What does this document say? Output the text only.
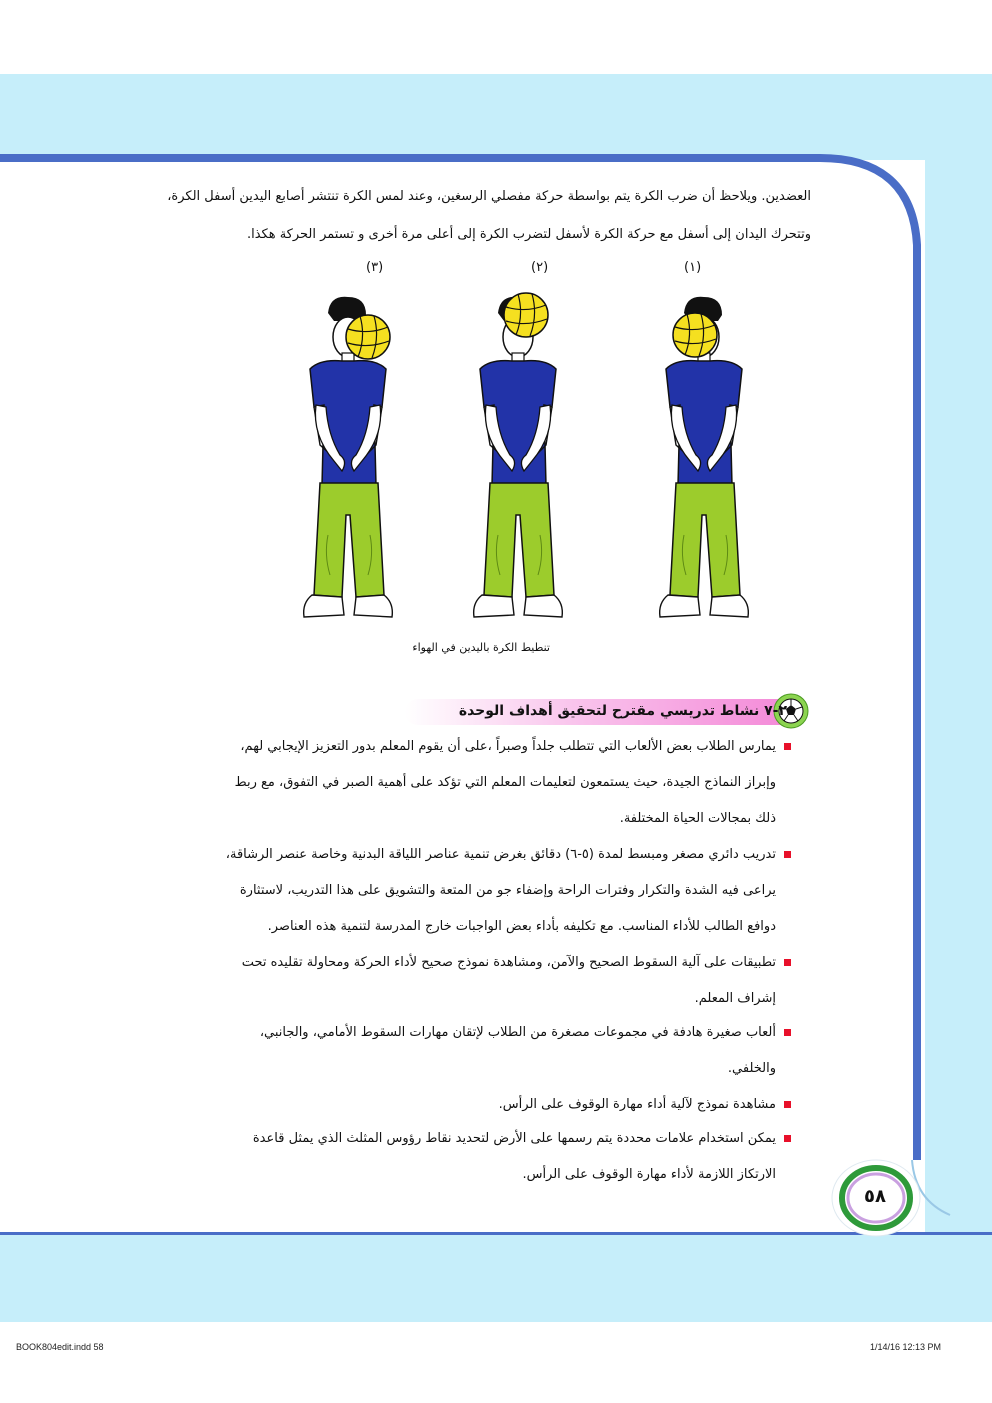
العضدين. ويلاحظ أن ضرب الكرة يتم بواسطة حركة مفصلي الرسغين، وعند لمس الكرة تنتشر أصابع اليدين أسفل الكرة،
وتتحرك اليدان إلى أسفل مع حركة الكرة لأسفل لتضرب الكرة إلى أعلى مرة أخرى و تستمر الحركة هكذا.
(١)
(٢)
(٣)
تنطيط الكرة باليدين في الهواء
٢-٧ نشاط تدريسي مقترح لتحقيق أهداف الوحدة
يمارس الطلاب بعض الألعاب التي تتطلب جلداً وصبراً ،على أن يقوم المعلم بدور التعزيز الإيجابي لهم،
وإبراز النماذج الجيدة، حيث يستمعون لتعليمات المعلم التي تؤكد على أهمية الصبر في التفوق، مع ربط
ذلك بمجالات الحياة المختلفة.
تدريب دائري مصغر ومبسط لمدة (٥-٦) دقائق بغرض تنمية عناصر اللياقة البدنية وخاصة عنصر الرشاقة،
يراعى فيه الشدة والتكرار وفترات الراحة وإضفاء جو من المتعة والتشويق على هذا التدريب، لاستثارة
دوافع الطالب للأداء المناسب. مع تكليفه بأداء بعض الواجبات خارج المدرسة لتنمية هذه العناصر.
تطبيقات على آلية السقوط الصحيح والآمن، ومشاهدة نموذج صحيح لأداء الحركة ومحاولة تقليده تحت
إشراف المعلم.
ألعاب صغيرة هادفة في مجموعات مصغرة من الطلاب لإتقان مهارات السقوط الأمامي، والجانبي،
والخلفي.
مشاهدة نموذج لآلية أداء مهارة الوقوف على الرأس.
يمكن استخدام علامات محددة يتم رسمها على الأرض لتحديد نقاط رؤوس المثلث الذي يمثل قاعدة
الارتكاز اللازمة لأداء مهارة الوقوف على الرأس.
٥٨
BOOK804edit.indd 58	1/14/16 12:13 PM
